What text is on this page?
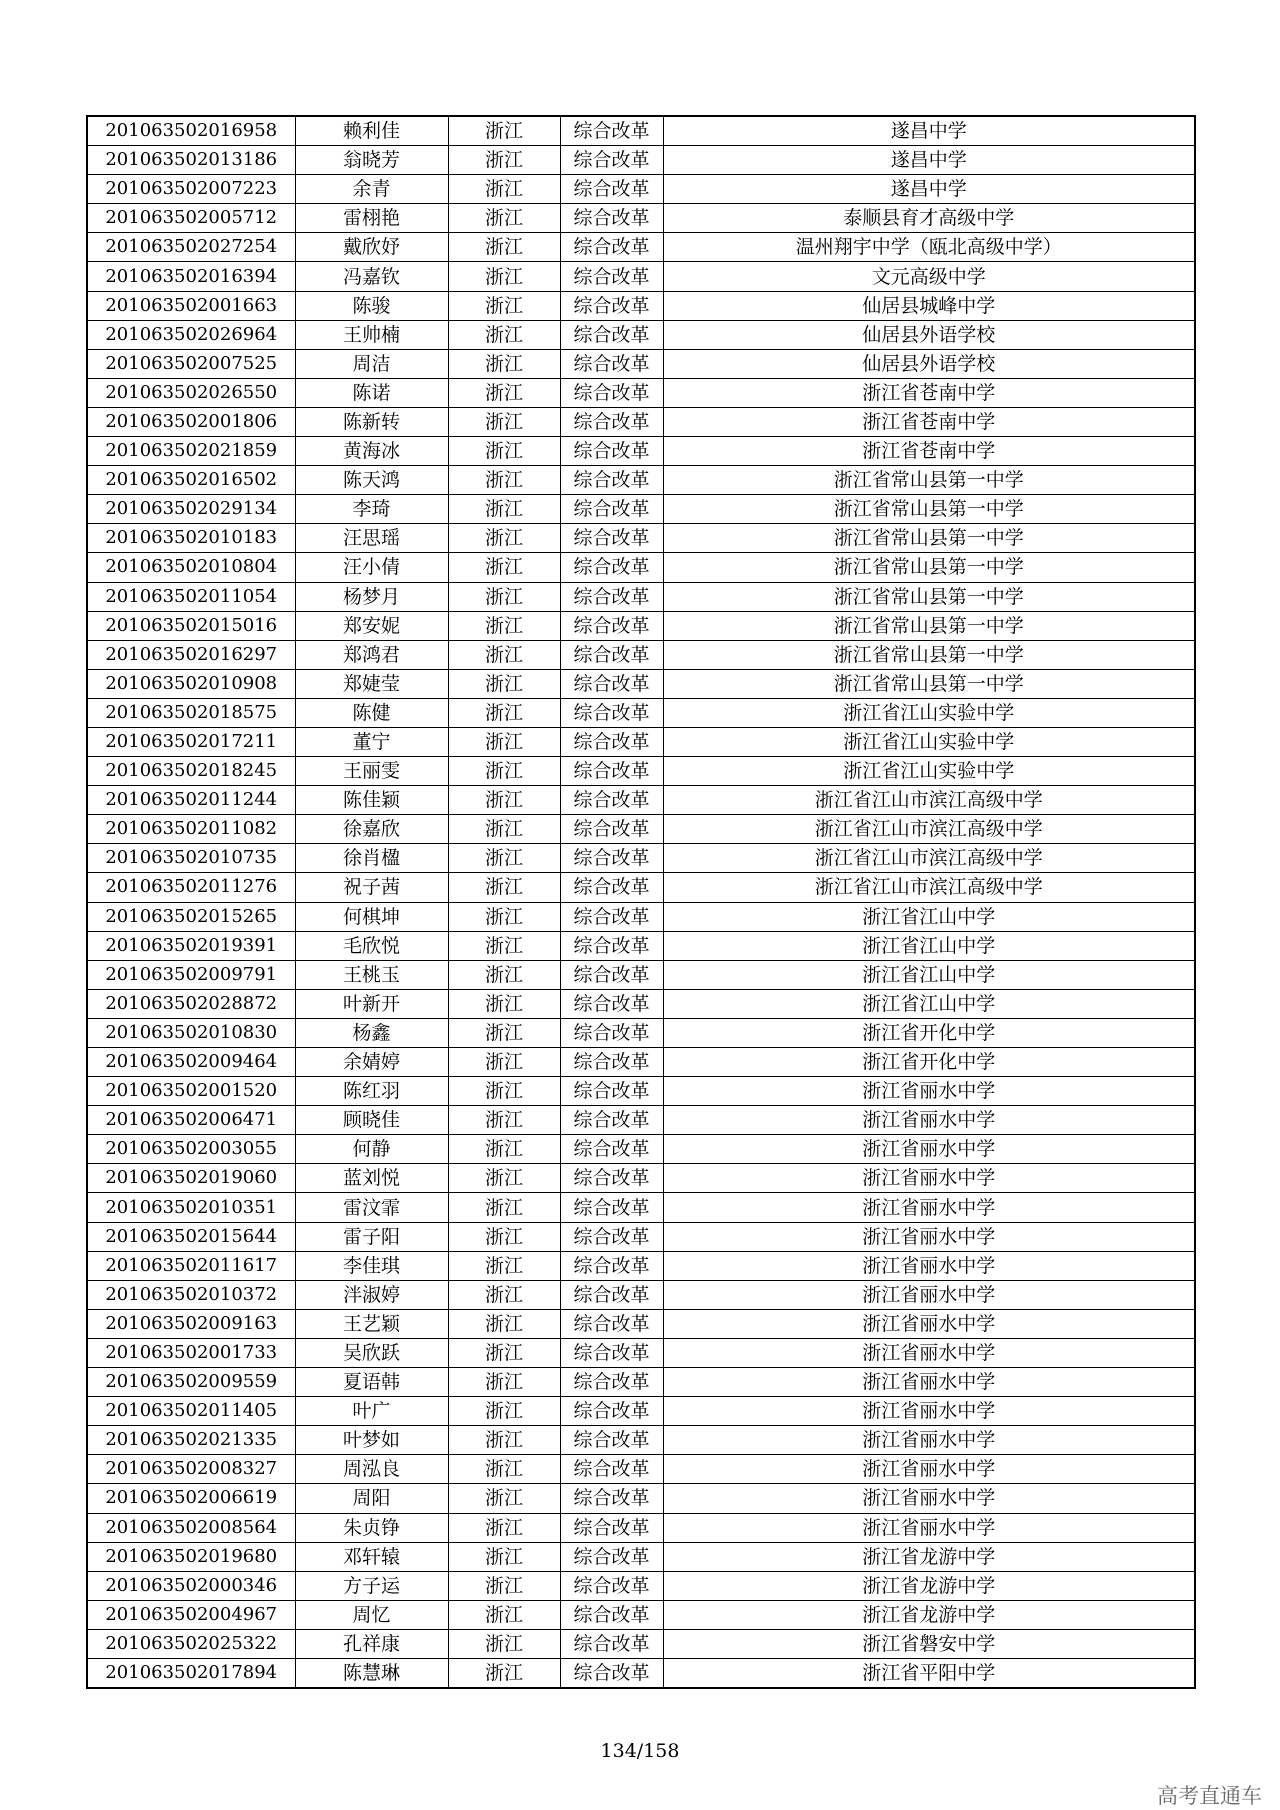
201063502016958	赖利佳	浙江	综合改革	遂昌中学
201063502013186	翁晓芳	浙江	综合改革	遂昌中学
201063502007223	余青	浙江	综合改革	遂昌中学
201063502005712	雷栩艳	浙江	综合改革	泰顺县育才高级中学
201063502027254	戴欣妤	浙江	综合改革	温州翔宇中学（瓯北高级中学）
201063502016394	冯嘉钦	浙江	综合改革	文元高级中学
201063502001663	陈骏	浙江	综合改革	仙居县城峰中学
201063502026964	王帅楠	浙江	综合改革	仙居县外语学校
201063502007525	周洁	浙江	综合改革	仙居县外语学校
201063502026550	陈诺	浙江	综合改革	浙江省苍南中学
201063502001806	陈新转	浙江	综合改革	浙江省苍南中学
201063502021859	黄海冰	浙江	综合改革	浙江省苍南中学
201063502016502	陈天鸿	浙江	综合改革	浙江省常山县第一中学
201063502029134	李琦	浙江	综合改革	浙江省常山县第一中学
201063502010183	汪思瑶	浙江	综合改革	浙江省常山县第一中学
201063502010804	汪小倩	浙江	综合改革	浙江省常山县第一中学
201063502011054	杨梦月	浙江	综合改革	浙江省常山县第一中学
201063502015016	郑安妮	浙江	综合改革	浙江省常山县第一中学
201063502016297	郑鸿君	浙江	综合改革	浙江省常山县第一中学
201063502010908	郑婕莹	浙江	综合改革	浙江省常山县第一中学
201063502018575	陈健	浙江	综合改革	浙江省江山实验中学
201063502017211	董宁	浙江	综合改革	浙江省江山实验中学
201063502018245	王丽雯	浙江	综合改革	浙江省江山实验中学
201063502011244	陈佳颖	浙江	综合改革	浙江省江山市滨江高级中学
201063502011082	徐嘉欣	浙江	综合改革	浙江省江山市滨江高级中学
201063502010735	徐肖楹	浙江	综合改革	浙江省江山市滨江高级中学
201063502011276	祝子茜	浙江	综合改革	浙江省江山市滨江高级中学
201063502015265	何棋坤	浙江	综合改革	浙江省江山中学
201063502019391	毛欣悦	浙江	综合改革	浙江省江山中学
201063502009791	王桃玉	浙江	综合改革	浙江省江山中学
201063502028872	叶新开	浙江	综合改革	浙江省江山中学
201063502010830	杨鑫	浙江	综合改革	浙江省开化中学
201063502009464	余婧婷	浙江	综合改革	浙江省开化中学
201063502001520	陈红羽	浙江	综合改革	浙江省丽水中学
201063502006471	顾晓佳	浙江	综合改革	浙江省丽水中学
201063502003055	何静	浙江	综合改革	浙江省丽水中学
201063502019060	蓝刘悦	浙江	综合改革	浙江省丽水中学
201063502010351	雷汶霏	浙江	综合改革	浙江省丽水中学
201063502015644	雷子阳	浙江	综合改革	浙江省丽水中学
201063502011617	李佳琪	浙江	综合改革	浙江省丽水中学
201063502010372	泮淑婷	浙江	综合改革	浙江省丽水中学
201063502009163	王艺颖	浙江	综合改革	浙江省丽水中学
201063502001733	吴欣跃	浙江	综合改革	浙江省丽水中学
201063502009559	夏语韩	浙江	综合改革	浙江省丽水中学
201063502011405	叶广	浙江	综合改革	浙江省丽水中学
201063502021335	叶梦如	浙江	综合改革	浙江省丽水中学
201063502008327	周泓良	浙江	综合改革	浙江省丽水中学
201063502006619	周阳	浙江	综合改革	浙江省丽水中学
201063502008564	朱贞铮	浙江	综合改革	浙江省丽水中学
201063502019680	邓轩辕	浙江	综合改革	浙江省龙游中学
201063502000346	方子运	浙江	综合改革	浙江省龙游中学
201063502004967	周忆	浙江	综合改革	浙江省龙游中学
201063502025322	孔祥康	浙江	综合改革	浙江省磐安中学
201063502017894	陈慧琳	浙江	综合改革	浙江省平阳中学
134/158
高考直通车
